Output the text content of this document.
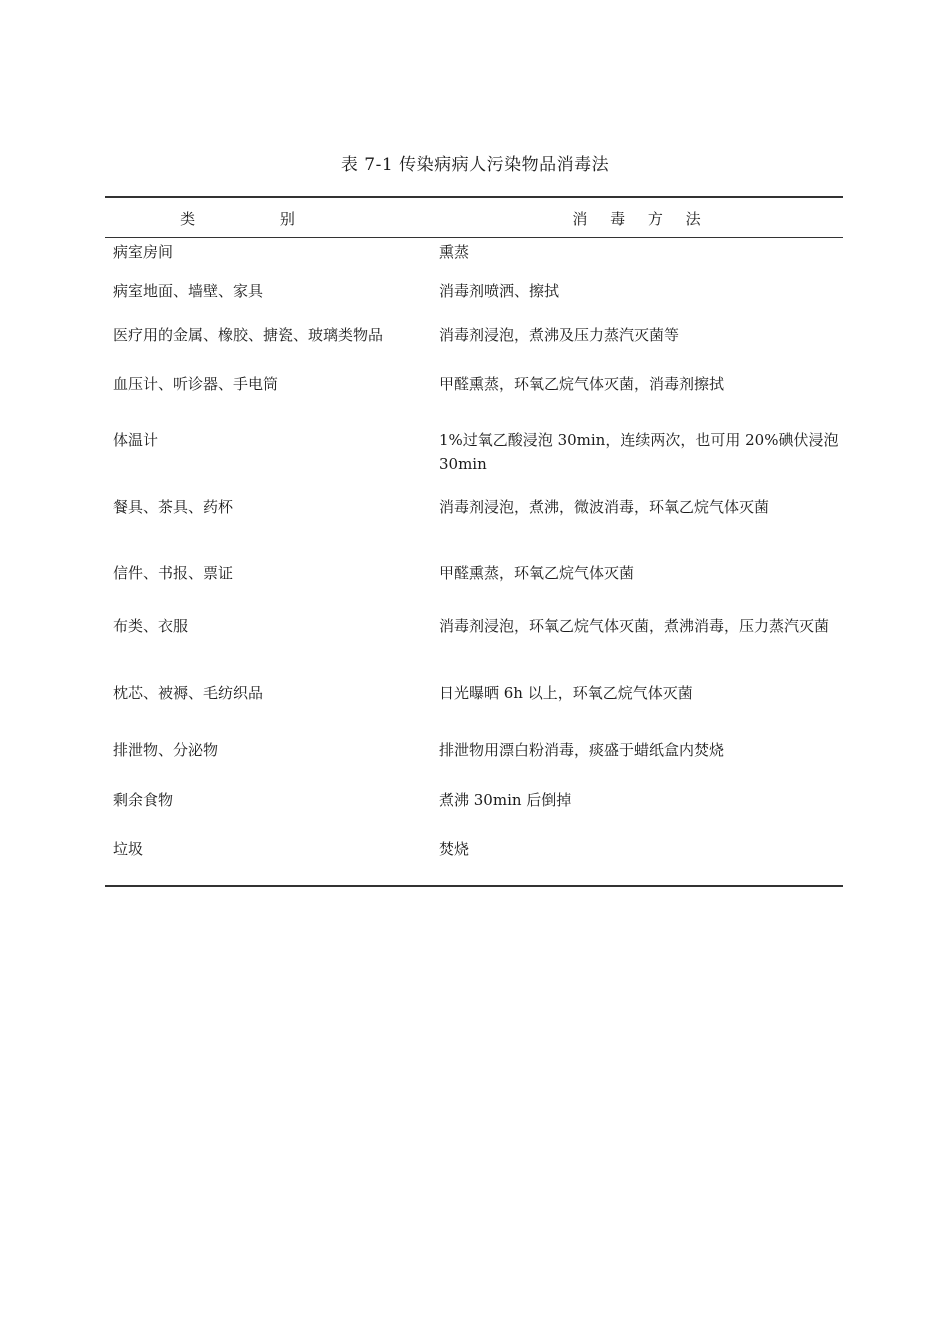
表 7-1 传染病病人污染物品消毒法
类 别	消 毒 方 法
病室房间	熏蒸
病室地面、墙壁、家具	消毒剂喷洒、擦拭
医疗用的金属、橡胶、搪瓷、玻璃类物品	消毒剂浸泡，煮沸及压力蒸汽灭菌等
血压计、听诊器、手电筒	甲醛熏蒸，环氧乙烷气体灭菌，消毒剂擦拭
体温计	1%过氧乙酸浸泡 30min，连续两次，也可用 20%碘伏浸泡 30min
餐具、茶具、药杯	消毒剂浸泡，煮沸，微波消毒，环氧乙烷气体灭菌
信件、书报、票证	甲醛熏蒸，环氧乙烷气体灭菌
布类、衣服	消毒剂浸泡，环氧乙烷气体灭菌，煮沸消毒，压力蒸汽灭菌
枕芯、被褥、毛纺织品	日光曝晒 6h 以上，环氧乙烷气体灭菌
排泄物、分泌物	排泄物用漂白粉消毒，痰盛于蜡纸盒内焚烧
剩余食物	煮沸 30min 后倒掉
垃圾	焚烧
